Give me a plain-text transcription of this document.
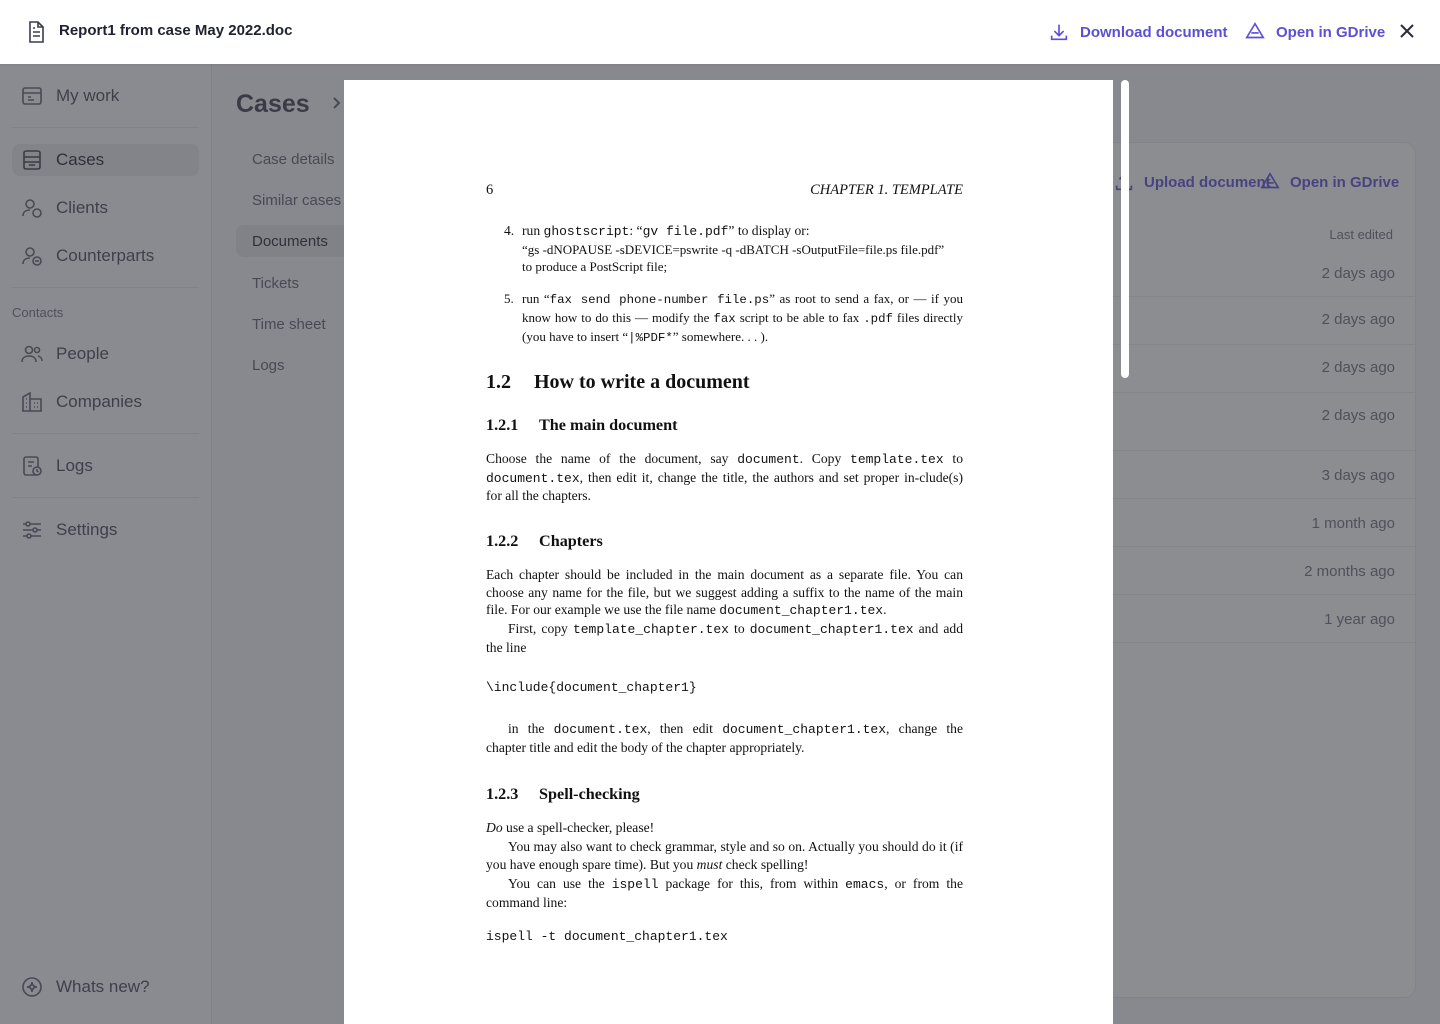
Report1 from case May 2022.doc	Download document	Open in GDrive
6	CHAPTER 1. TEMPLATE
4. run ghostscript: “gv file.pdf” to display or:
“gs -dNOPAUSE -sDEVICE=pswrite -q -dBATCH -sOutputFile=file.ps file.pdf”
to produce a PostScript file;
5. run “fax send phone-number file.ps” as root to send a fax, or — if you know how to do this — modify the fax script to be able to fax .pdf files directly (you have to insert “|%PDF*” somewhere. . . ).
1.2 How to write a document
1.2.1 The main document
Choose the name of the document, say document. Copy template.tex to document.tex, then edit it, change the title, the authors and set proper in-clude(s) for all the chapters.
1.2.2 Chapters
Each chapter should be included in the main document as a separate file. You can choose any name for the file, but we suggest adding a suffix to the name of the main file. For our example we use the file name document_chapter1.tex.
First, copy template_chapter.tex to document_chapter1.tex and add the line
\include{document_chapter1}
in the document.tex, then edit document_chapter1.tex, change the chapter title and edit the body of the chapter appropriately.
1.2.3 Spell-checking
Do use a spell-checker, please!
You may also want to check grammar, style and so on. Actually you should do it (if you have enough spare time). But you must check spelling!
You can use the ispell package for this, from within emacs, or from the command line:
ispell -t document_chapter1.tex
